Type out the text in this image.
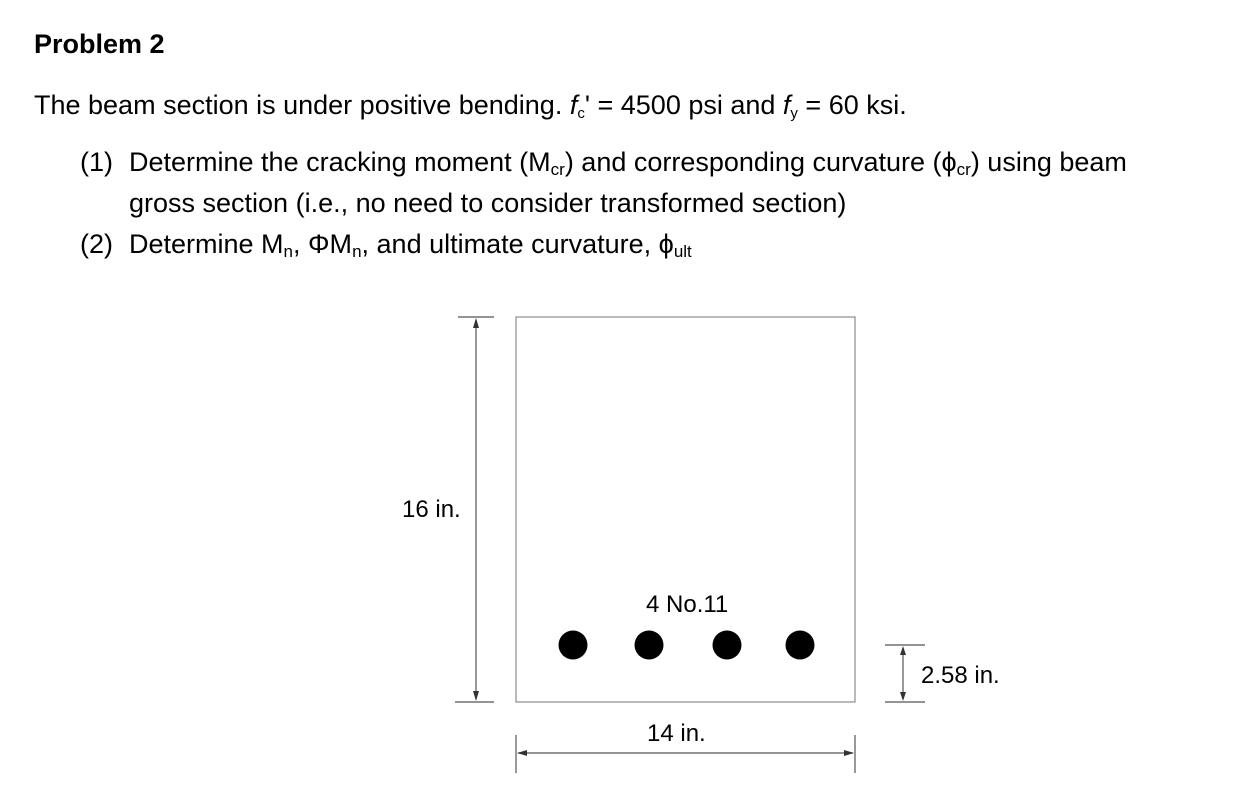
Problem 2
The beam section is under positive bending. fc' = 4500 psi and fy = 60 ksi.
(1) Determine the cracking moment $(M_{cr})$ and corresponding curvature $(\phi_{cr})$ using beam
gross section (i.e., no need to consider transformed section)
(2) Determine $M_n$, $\Phi M_n$, and ultimate curvature, $\phi_{ult}$
16 in.
14 in.
2.58 in.
4 No.11
